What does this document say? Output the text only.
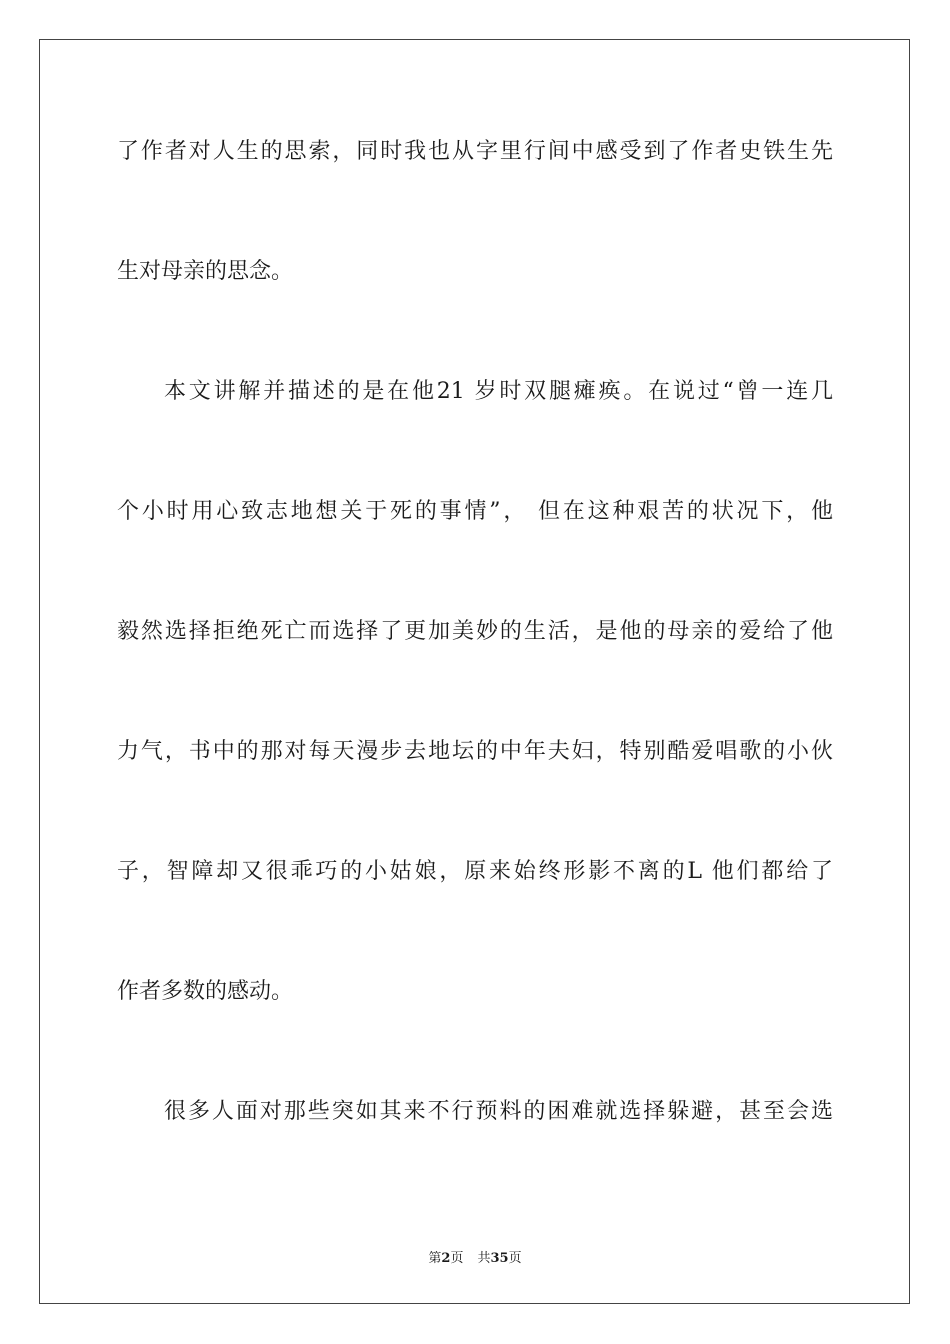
了作者对人生的思索，同时我也从字里行间中感受到了作者史铁生先
生对母亲的思念。
本文讲解并描述的是在他21 岁时双腿瘫痪。在说过“曾一连几
个小时用心致志地想关于死的事情”， 但在这种艰苦的状况下，他
毅然选择拒绝死亡而选择了更加美妙的生活，是他的母亲的爱给了他
力气，书中的那对每天漫步去地坛的中年夫妇，特别酷爱唱歌的小伙
子，智障却又很乖巧的小姑娘，原来始终形影不离的L 他们都给了
作者多数的感动。
很多人面对那些突如其来不行预料的困难就选择躲避，甚至会选
第2页 共35页
